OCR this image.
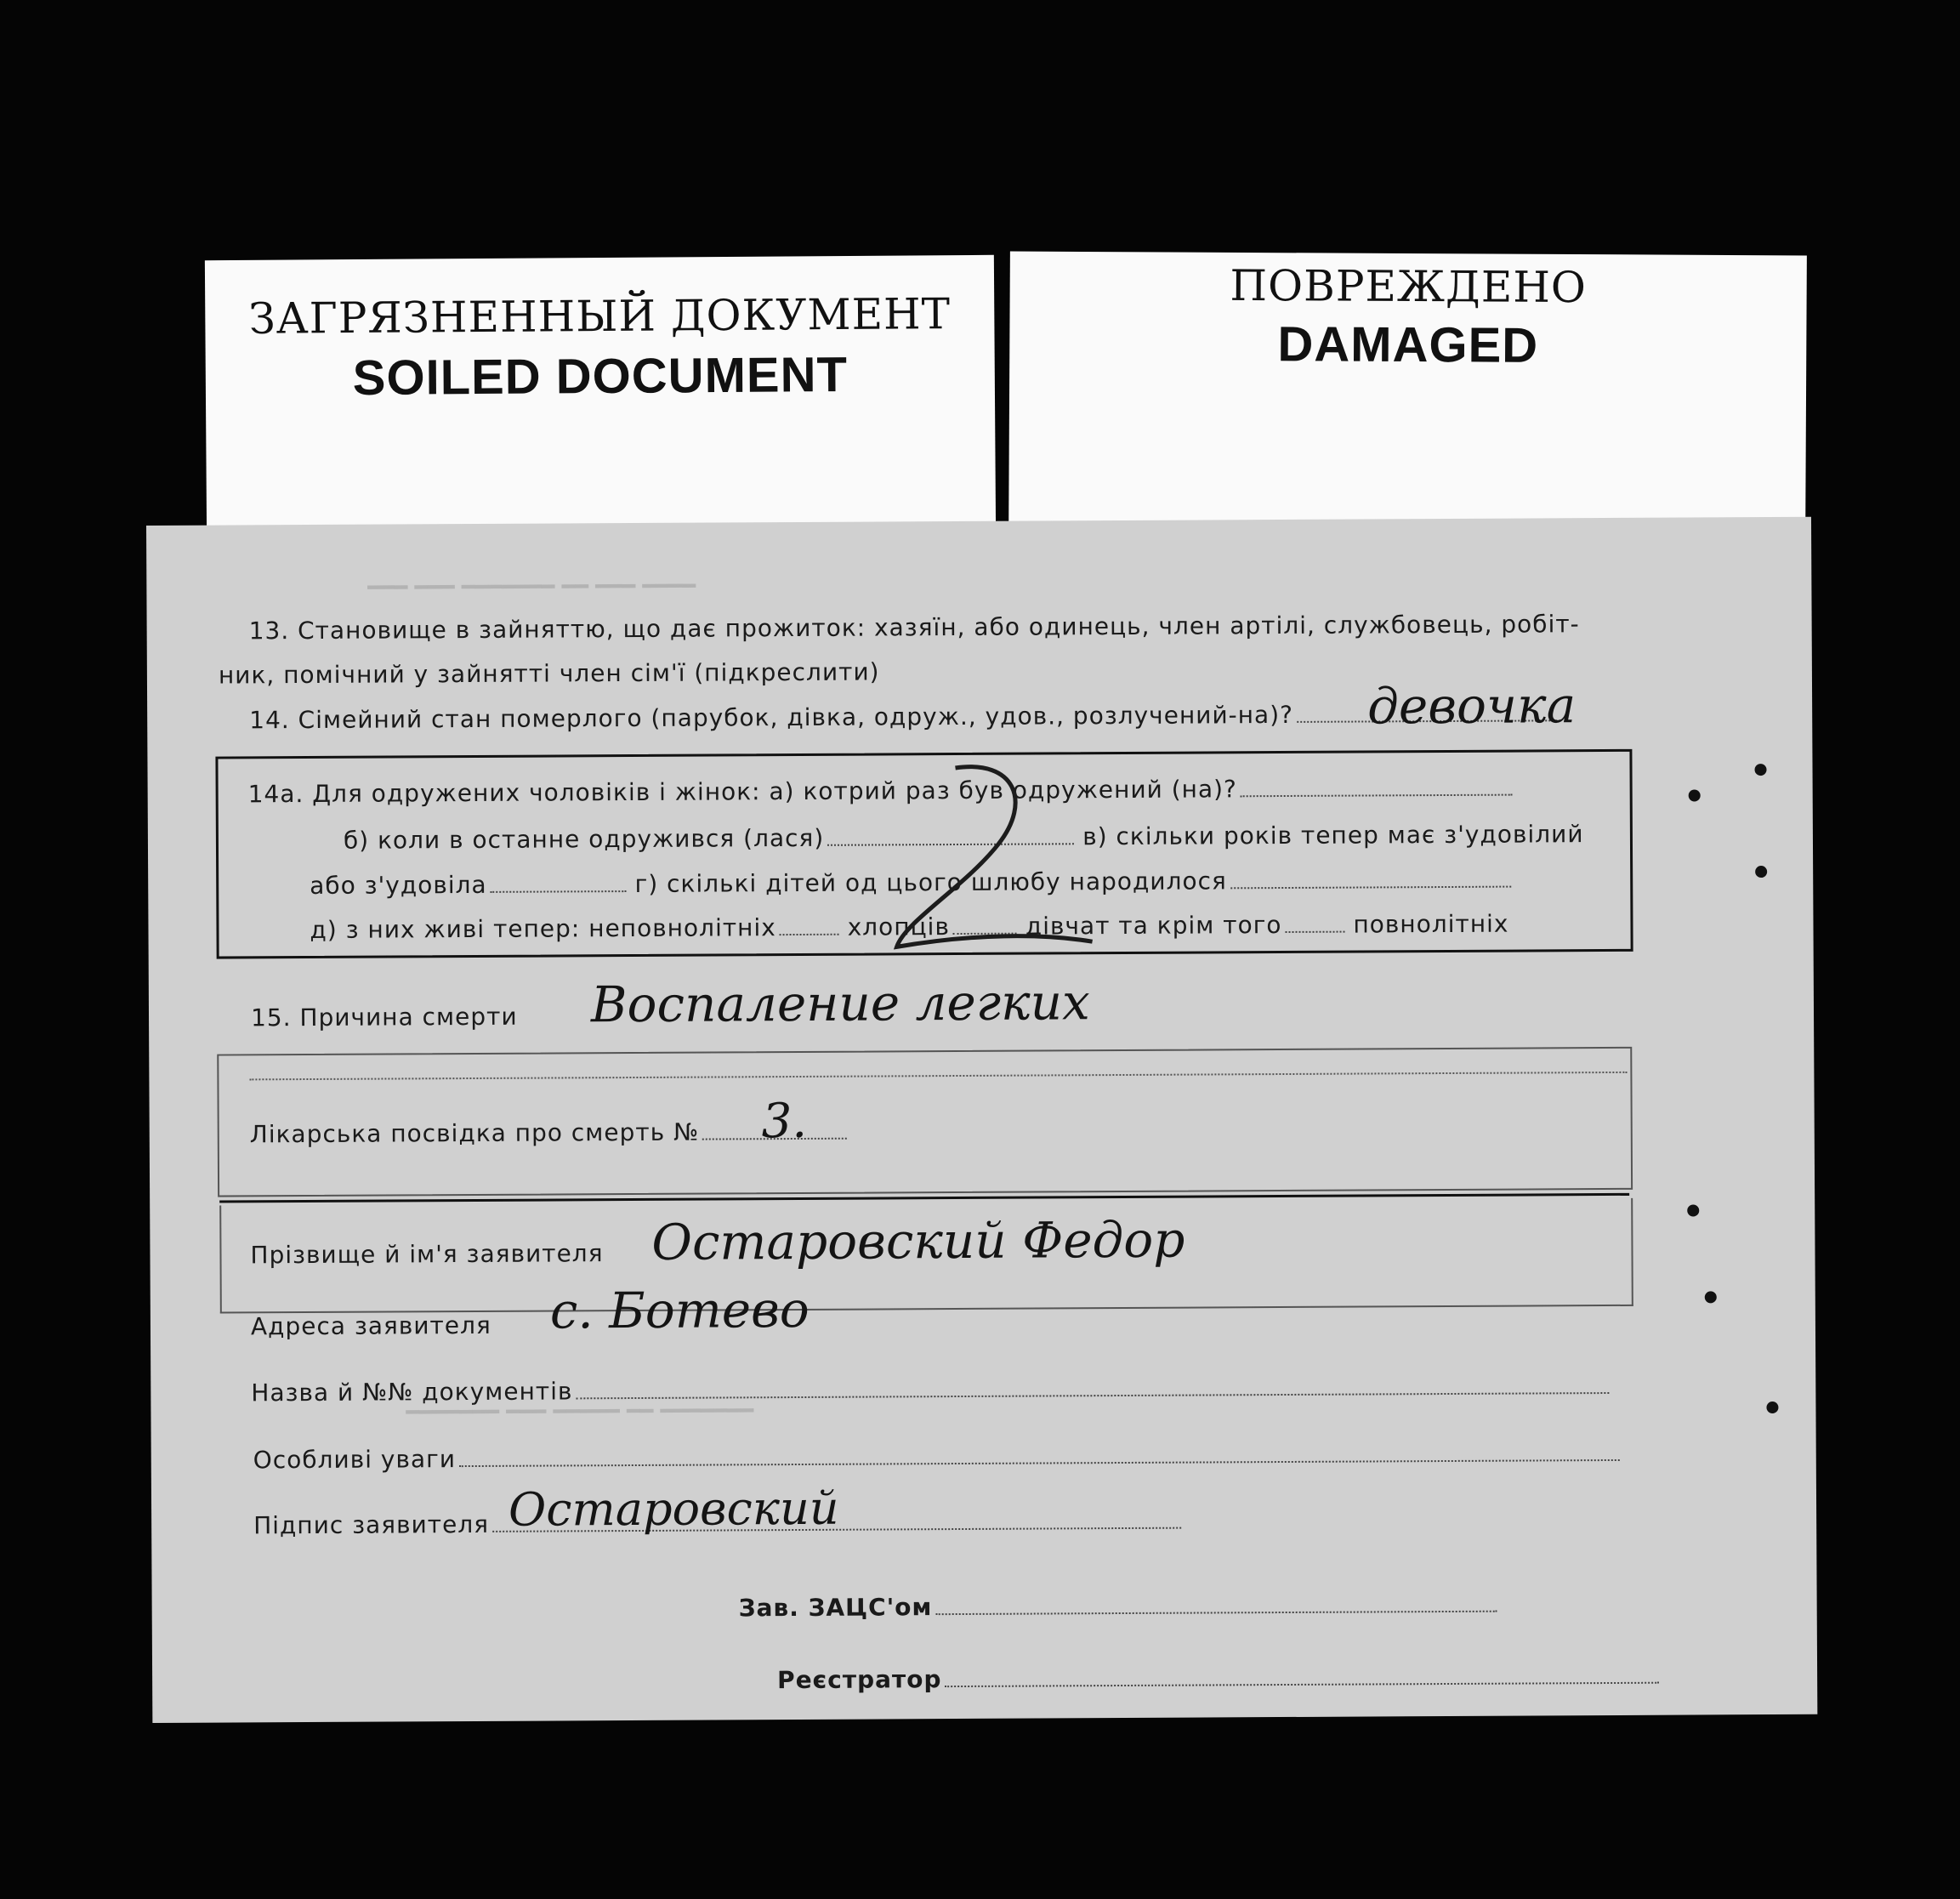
ЗАГРЯЗНЕННЫЙ ДОКУМЕНТ
SOILED DOCUMENT
ПОВРЕЖДЕНО
DAMAGED
━━━ ━━━ ━━━━━━━ ━━ ━━━ ━━━━
━━━━━━━ ━━━ ━━━━━ ━━ ━━━━━━━
13. Становище в зайняттю, що дає прожиток: хазяїн, або одинець, член артілі, службовець, робіт-
ник, помічний у зайнятті член сім'ї (підкреслити)
14. Сімейний стан померлого (парубок, дівка, одруж., удов., розлучений-на)?	девочка
14а. Для одружених чоловіків і жінок: а) котрий раз був одружений (на)?
б) коли в останне одружився (лася)	в) скільки років тепер має з'удовілий
або з'удовіла	г) скількі дітей од цього шлюбу народилося
д) з них живі тепер: неповнолітніх	хлопців	дівчат та крім того	повнолітніх
15. Причина смерти Воспаление легких
Лікарська посвідка про смерть №	3.
Прізвище й ім'я заявителя Остаровский Федор
Адреса заявителя с. Ботево
Назва й №№ документів
Особливі уваги
Підпис заявителя Остаровский
Зав. ЗАЦС'ом
Реєстратор
